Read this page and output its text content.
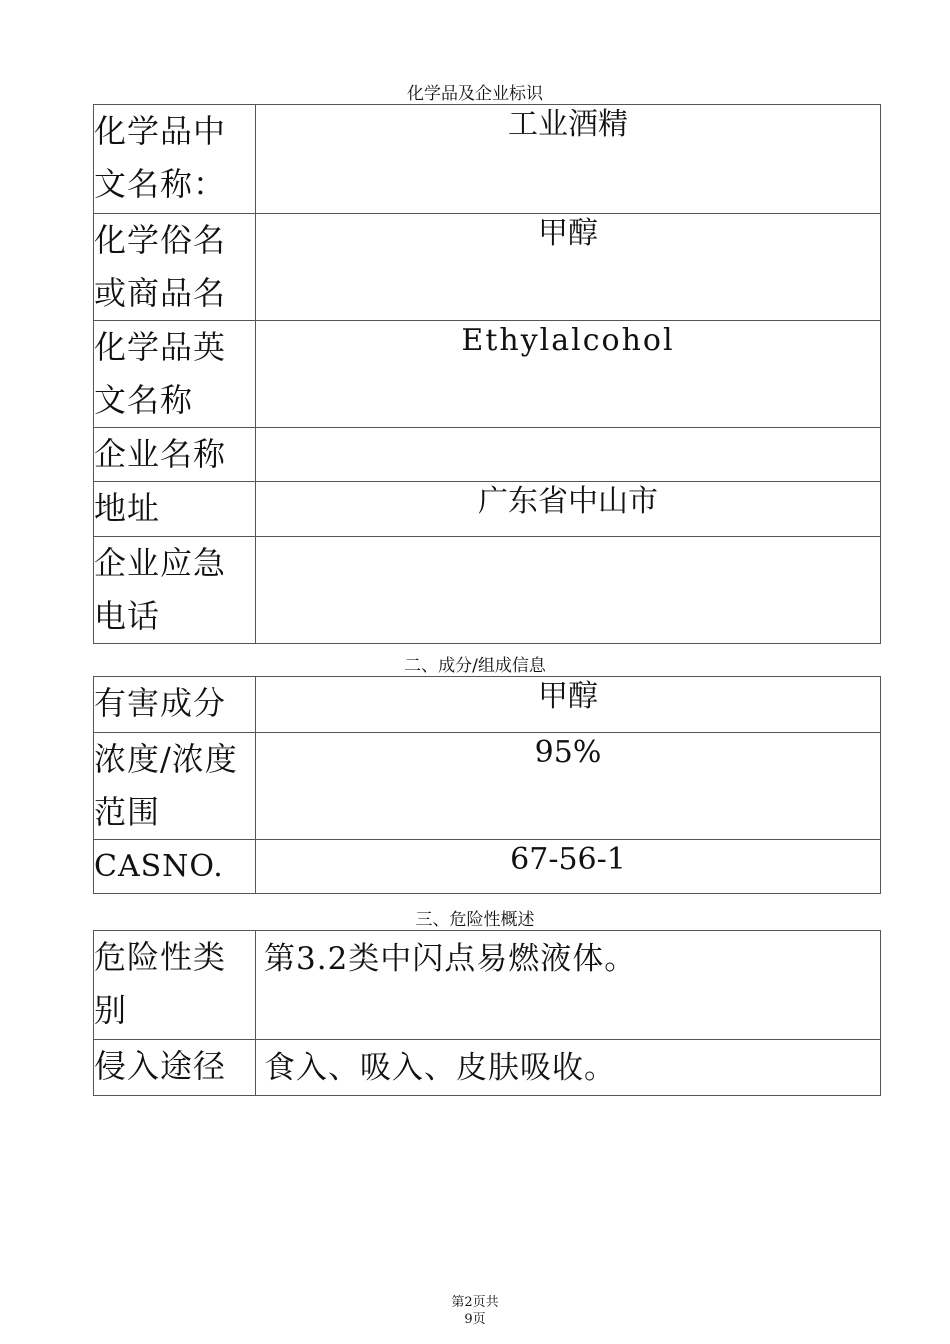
化学品及企业标识
化学品中文名称：	工业酒精
化学俗名或商品名	甲醇
化学品英文名称	Ethylalcohol
企业名称	
地址	广东省中山市
企业应急电话	
二、成分/组成信息
有害成分	甲醇
浓度/浓度范围	95%
CASNO.	67-56-1
三、危险性概述
危险性类别	第3.2类中闪点易燃液体。
侵入途径	食入、吸入、皮肤吸收。
第2页共
9页
